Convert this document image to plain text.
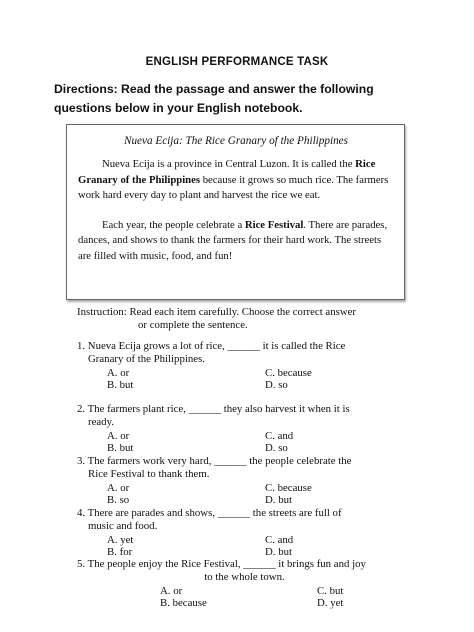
ENGLISH PERFORMANCE TASK
Directions: Read the passage and answer the following questions below in your English notebook.
Nueva Ecija: The Rice Granary of the Philippines

Nueva Ecija is a province in Central Luzon. It is called the Rice Granary of the Philippines because it grows so much rice. The farmers work hard every day to plant and harvest the rice we eat.

Each year, the people celebrate a Rice Festival. There are parades, dances, and shows to thank the farmers for their hard work. The streets are filled with music, food, and fun!

Instruction: Read each item carefully. Choose the correct answer
or complete the sentence.
1. Nueva Ecija grows a lot of rice, ______ it is called the Rice
Granary of the Philippines.
A. or	C. because
B. but	D. so
2. The farmers plant rice, ______ they also harvest it when it is
ready.
A. or	C. and
B. but	D. so
3. The farmers work very hard, ______ the people celebrate the
Rice Festival to thank them.
A. or	C. because
B. so	D. but
4. There are parades and shows, ______ the streets are full of
music and food.
A. yet	C. and
B. for	D. but
5. The people enjoy the Rice Festival, ______ it brings fun and joy
to the whole town.
A. or	C. but
B. because	D. yet
